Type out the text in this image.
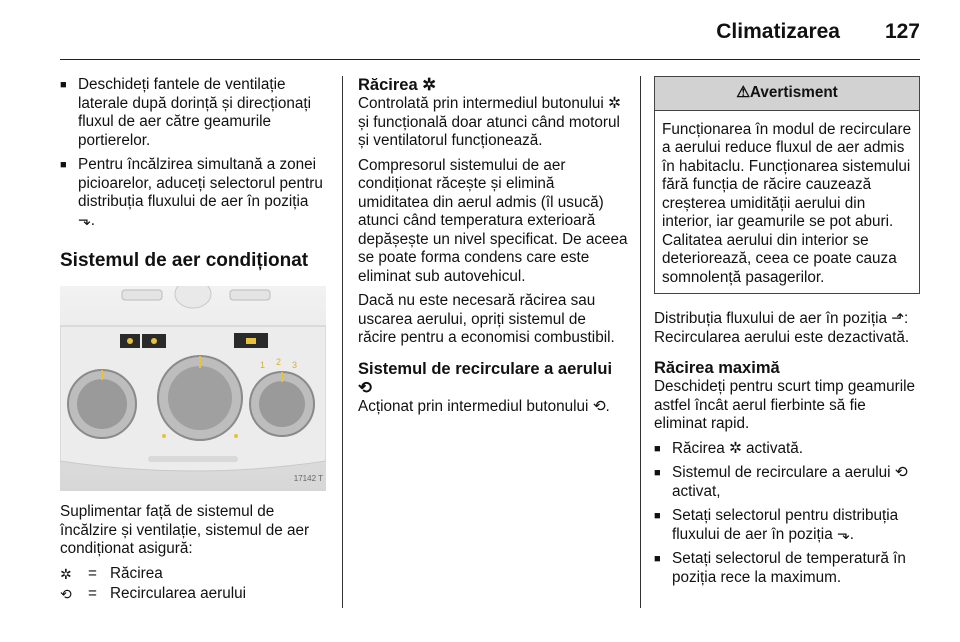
Climatizarea 127
■ Deschideți fantele de ventilație laterale după dorință și direcționați fluxul de aer către geamurile portierelor.
■ Pentru încălzirea simultană a zonei picioarelor, aduceți selectorul pentru distribuția fluxului de aer în poziția ⬎.
Sistemul de aer condiționat
1 2 3
17142 T

Suplimentar față de sistemul de încălzire și ventilație, sistemul de aer condiționat asigură:

✲	= Răcirea
⟲	= Recircularea aerului
Răcirea ✲

Controlată prin intermediul butonului ✲ și funcțională doar atunci când motorul și ventilatorul funcționează.

Compresorul sistemului de aer condiționat răcește și elimină umiditatea din aerul admis (îl usucă) atunci când temperatura exterioară depășește un nivel specificat. De aceea se poate forma condens care este eliminat sub autovehicul.

Dacă nu este necesară răcirea sau uscarea aerului, opriți sistemul de răcire pentru a economisi combustibil.

Sistemul de recirculare a aerului ⟲

Acționat prin intermediul butonului ⟲.

⚠Avertisment
Funcționarea în modul de recirculare a aerului reduce fluxul de aer admis în habitaclu. Funcționarea sistemului fără funcția de răcire cauzează creșterea umidității aerului din interior, iar geamurile se pot aburi. Calitatea aerului din interior se deteriorează, ceea ce poate cauza somnolență pasagerilor.

Distribuția fluxului de aer în poziția ⬏: Recircularea aerului este dezactivată.

Răcirea maximă

Deschideți pentru scurt timp geamurile astfel încât aerul fierbinte să fie eliminat rapid.

■ Răcirea ✲ activată.
■ Sistemul de recirculare a aerului ⟲ activat,
■ Setați selectorul pentru distribuția fluxului de aer în poziția ⬎.
■ Setați selectorul de temperatură în poziția rece la maximum.
